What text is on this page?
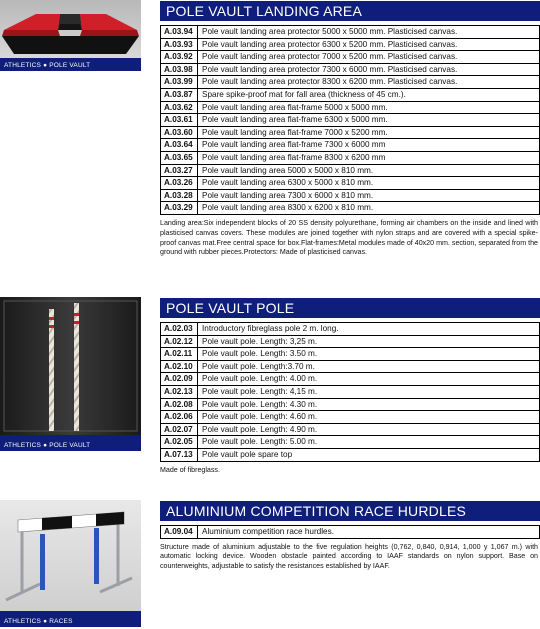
ATHLETICS ● POLE VAULT
POLE VAULT LANDING AREA
A.03.94	Pole vault landing area protector 5000 x 5000 mm. Plasticised canvas.
A.03.93	Pole vault landing area protector 6300 x 5200 mm. Plasticised canvas.
A.03.92	Pole vault landing area protector 7000 x 5200 mm. Plasticised canvas.
A.03.98	Pole vault landing area protector 7300 x 6000 mm. Plasticised canvas.
A.03.99	Pole vault landing area protector 8300 x 6200 mm. Plasticised canvas.
A.03.87	Spare spike-proof mat for fall area (thickness of 45 cm.).
A.03.62	Pole vault landing area flat-frame 5000 x 5000 mm.
A.03.61	Pole vault landing area flat-frame 6300 x 5000 mm.
A.03.60	Pole vault landing area flat-frame 7000 x 5200 mm.
A.03.64	Pole vault landing area flat-frame 7300 x 6000 mm
A.03.65	Pole vault landing area flat-frame 8300 x 6200 mm
A.03.27	Pole vault landing area 5000 x 5000 x 810 mm.
A.03.26	Pole vault landing area 6300 x 5000 x 810 mm.
A.03.28	Pole vault landing area 7300 x 6000 x 810 mm.
A.03.29	Pole vault landing area 8300 x 6200 x 810 mm.
Landing area:Six independent blocks of 20 SS density polyurethane, forming air chambers on the inside and lined with plasticised canvas covers. These modules are joined together with nylon straps and are covered with a special spike-proof canvas mat.Free central space for box.Flat-frames:Metal modules made of 40x20 mm. section, separated from the ground with rubber pieces.Protectors: Made of plasticised canvas.
ATHLETICS ● POLE VAULT
POLE VAULT POLE
A.02.03	Introductory fibreglass pole 2 m. long.
A.02.12	Pole vault pole. Length: 3,25 m.
A.02.11	Pole vault pole. Length: 3.50 m.
A.02.10	Pole vault pole. Length:3.70 m.
A.02.09	Pole vault pole. Length: 4.00 m.
A.02.13	Pole vault pole. Length: 4,15 m.
A.02.08	Pole vault pole. Length: 4.30 m.
A.02.06	Pole vault pole. Length: 4.60 m.
A.02.07	Pole vault pole. Length: 4.90 m.
A.02.05	Pole vault pole. Length: 5.00 m.
A.07.13	Pole vault pole spare top
Made of fibreglass.
ATHLETICS ● RACES
ALUMINIUM COMPETITION RACE HURDLES
A.09.04	Aluminium competition race hurdles.
Structure made of aluminium adjustable to the five regulation heights (0,762, 0,840, 0,914, 1,000 y 1,067 m.) with automatic locking device. Wooden obstacle painted according to IAAF standards on nylon support. Base on counterweights, adjustable to satisfy the resistances established by IAAF.
